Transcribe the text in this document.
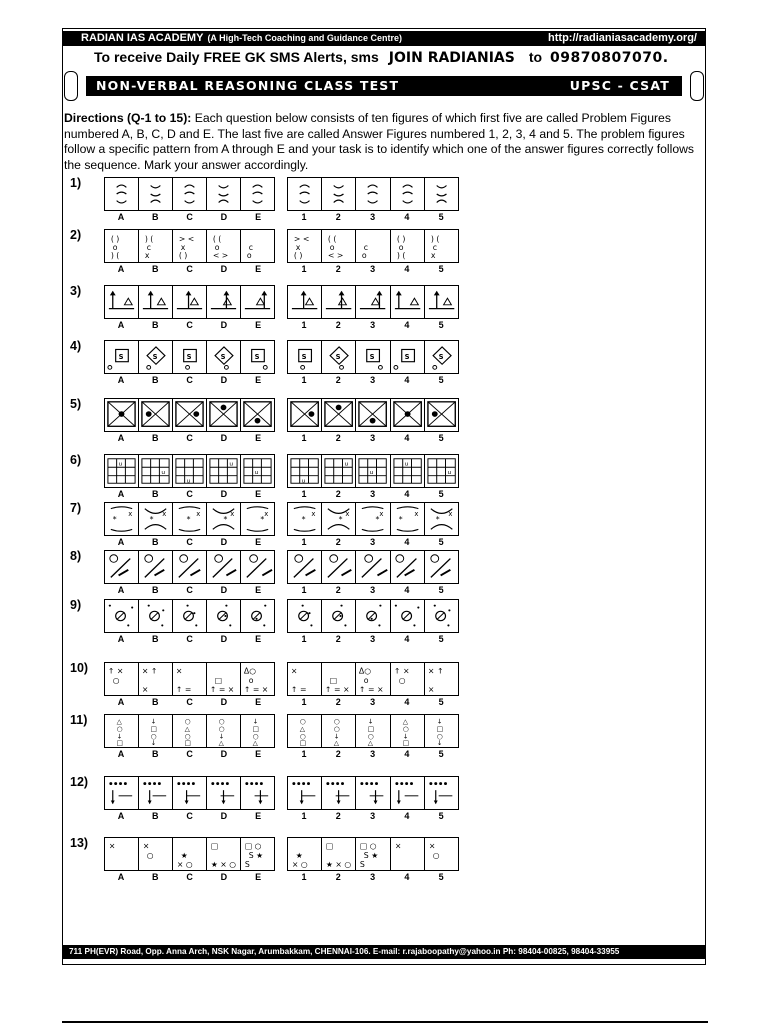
RADIAN IAS ACADEMY (A High-Tech Coaching and Guidance Centre)	http://radianiasacademy.org/
To receive Daily FREE GK SMS Alerts, sms JOIN RADIANIAS to 09870807070.
NON-VERBAL REASONING CLASS TEST	UPSC - CSAT
Directions (Q-1 to 15): Each question below consists of ten figures of which first five are called Problem Figures numbered A, B, C, D and E. The last five are called Answer Figures numbered 1, 2, 3, 4 and 5. The problem figures follow a specific pattern from A through E and your task is to identify which one of the answer figures correctly follows the sequence. Mark your answer accordingly.
1)
A	B	C	D	E	1	2	3	4	5
2)	( )
o
) (
) (
c
x
> <
x
( )
( (
o
< >
c
o
A	B	C	D	E
> <
x
( )
( (
o
< >
c
o
( )
o
) (
) (
c
x
1	2	3	4	5
3)
A	B	C	D	E	1	2	3	4	5
4)
S	S	S	S	S
A	B	C	D	E
S	S	S	S	S
1	2	3	4	5
5)
A	B	C	D	E	1	2	3	4	5
6)	u
u
u
u
u
A	B	C	D	E
u
u
u
u
u
1	2	3	4	5
7)
*
x
*
x
*
x
*
x
*
x
A	B	C	D	E
*
x
*
x
*
x
*
x
*
x
1	2	3	4	5
8)
A	B	C	D	E	1	2	3	4	5
9)
A	B	C	D	E	1	2	3	4	5
10) ↑ ×
○
× ↑
×
×
↑ =
□
↑ = ×
Δ○
o
↑ = ×
A	B	C	D	E
×
↑ =
□
↑ = ×
Δ○
o
↑ = ×
↑ ×
○
× ↑
×
1	2	3	4	5
11)	△
○
↓
□
↓
□
○
↓
○
△
○
□
○
○
↓
△
↓
□
○
△
A	B	C	D	E
○
△
○
□
○
○
↓
△
↓
□
○
△
△
○
↓
□
↓
□
○
↓
1	2	3	4	5
12)
A	B	C	D	E	1	2	3	4	5
13)	×	×
○	★
× ○
□
★ × ○
□ ○
S ★
S
A	B	C	D	E
★
× ○
□
★ × ○
□ ○
S ★
S
×	×
○
1	2	3	4	5
711 PH(EVR) Road, Opp. Anna Arch, NSK Nagar, Arumbakkam, CHENNAI-106. E-mail: r.rajaboopathy@yahoo.in Ph: 98404-00825, 98404-33955
